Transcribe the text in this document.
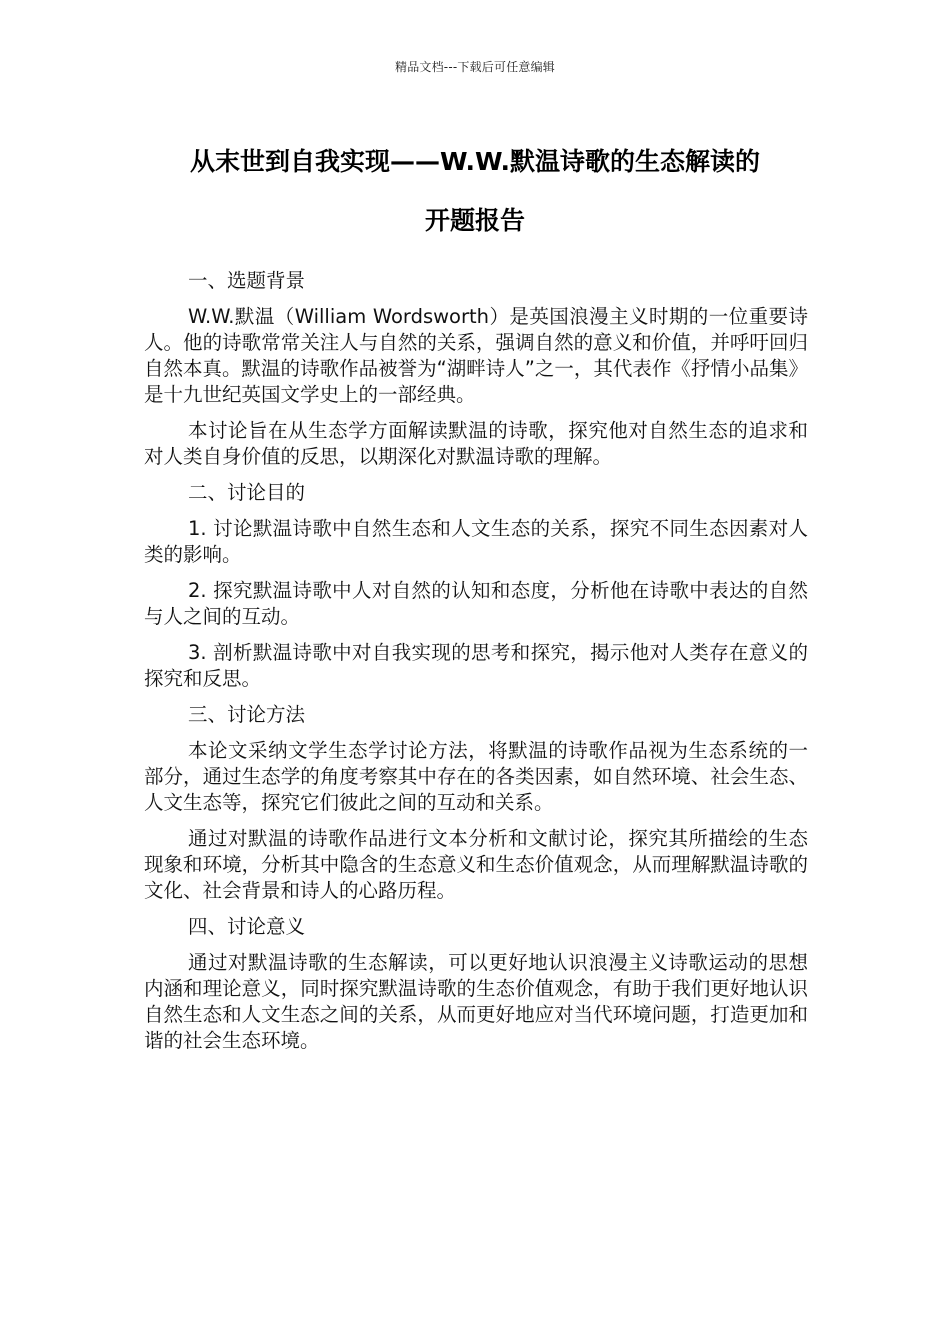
精品文档---下载后可任意编辑
从末世到自我实现——W.W.默温诗歌的生态解读的
开题报告

一、选题背景

W.W.默温（William Wordsworth）是英国浪漫主义时期的一位重要诗人。他的诗歌常常关注人与自然的关系，强调自然的意义和价值，并呼吁回归自然本真。默温的诗歌作品被誉为“湖畔诗人”之一，其代表作《抒情小品集》是十九世纪英国文学史上的一部经典。

本讨论旨在从生态学方面解读默温的诗歌，探究他对自然生态的追求和对人类自身价值的反思，以期深化对默温诗歌的理解。

二、讨论目的

1. 讨论默温诗歌中自然生态和人文生态的关系，探究不同生态因素对人类的影响。

2. 探究默温诗歌中人对自然的认知和态度，分析他在诗歌中表达的自然与人之间的互动。

3. 剖析默温诗歌中对自我实现的思考和探究，揭示他对人类存在意义的探究和反思。

三、讨论方法

本论文采纳文学生态学讨论方法，将默温的诗歌作品视为生态系统的一部分，通过生态学的角度考察其中存在的各类因素，如自然环境、社会生态、人文生态等，探究它们彼此之间的互动和关系。

通过对默温的诗歌作品进行文本分析和文献讨论，探究其所描绘的生态现象和环境，分析其中隐含的生态意义和生态价值观念，从而理解默温诗歌的文化、社会背景和诗人的心路历程。

四、讨论意义

通过对默温诗歌的生态解读，可以更好地认识浪漫主义诗歌运动的思想内涵和理论意义，同时探究默温诗歌的生态价值观念，有助于我们更好地认识自然生态和人文生态之间的关系，从而更好地应对当代环境问题，打造更加和谐的社会生态环境。
